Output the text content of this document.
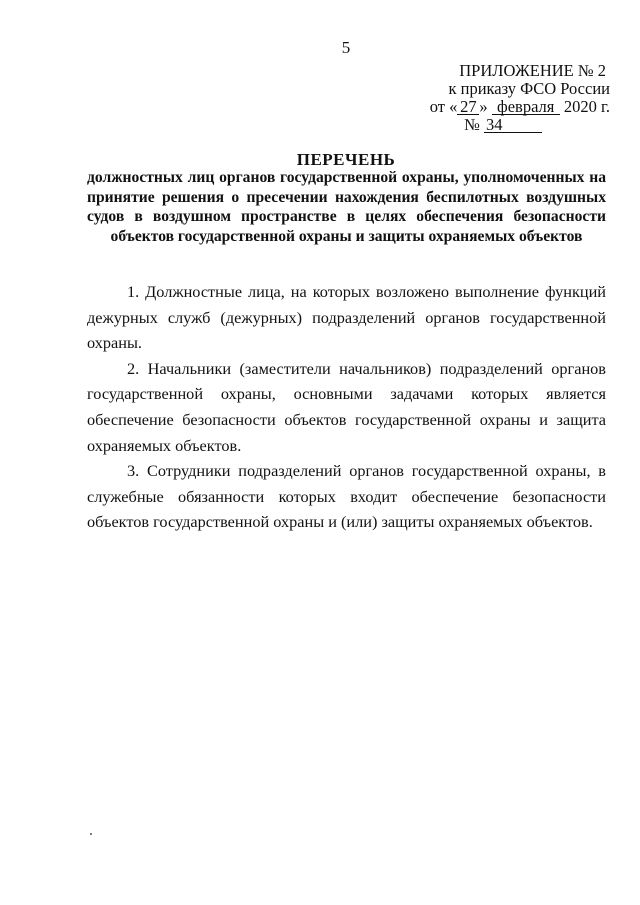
5
ПРИЛОЖЕНИЕ № 2
к приказу ФСО России
от « 27 » февраля 2020 г.
№ 34
ПЕРЕЧЕНЬ
должностных лиц органов государственной охраны, уполномоченных на принятие решения о пресечении нахождения беспилотных воздушных судов в воздушном пространстве в целях обеспечения безопасности объектов государственной охраны и защиты охраняемых объектов

1. Должностные лица, на которых возложено выполнение функций дежурных служб (дежурных) подразделений органов государственной охраны.

2. Начальники (заместители начальников) подразделений органов государственной охраны, основными задачами которых является обеспечение безопасности объектов государственной охраны и защита охраняемых объектов.

3. Сотрудники подразделений органов государственной охраны, в служебные обязанности которых входит обеспечение безопасности объектов государственной охраны и (или) защиты охраняемых объектов.
